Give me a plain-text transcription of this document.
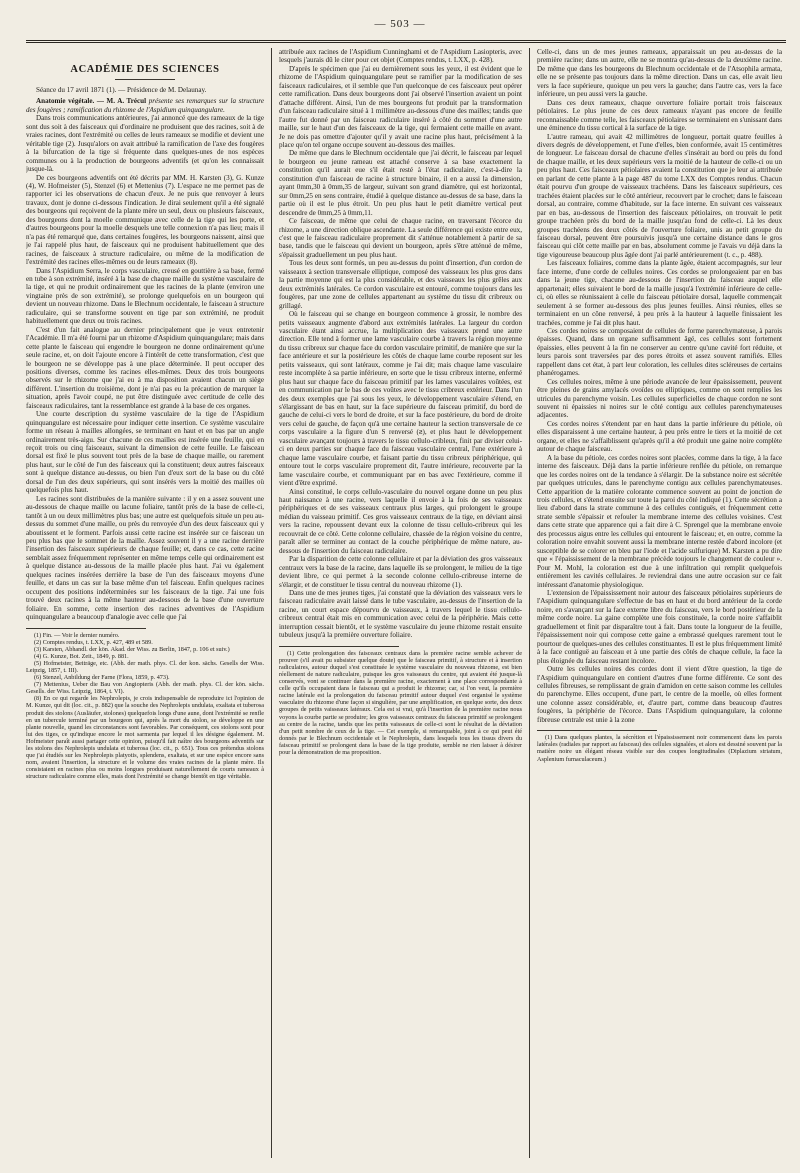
— 503 —
ACADÉMIE DES SCIENCES

Séance du 17 avril 1871 (1). — Présidence de M. Delaunay.

Anatomie végétale. — M. A. Trécul présente ses remarques sur la structure des fougères ; ramification du rhizome de l'Aspidium quinquangulare.

Dans trois communications antérieures, j'ai annoncé que des rameaux de la tige sont dus soit à des faisceaux qui d'ordinaire ne produisent que des racines, soit à de vraies racines, dont l'extrémité ou celles de leurs rameaux se modifie et devient une véritable tige (2). Jusqu'alors on avait attribué la ramification de l'axe des fougères à la bifurcation de la tige si fréquente dans quelques-unes de nos espèces communes ou à la production de bourgeons adventifs (et qu'on les connaissait jusque-là.

De ces bourgeons adventifs ont été décrits par MM. H. Karsten (3), G. Kunze (4), W. Hofmeister (5), Stenzel (6) et Mettenius (7). L'espace ne me permet pas de rapporter ici les observations de chacun d'eux. Je ne puis que renvoyer à leurs travaux, dont je donne ci-dessous l'indication. Je dirai seulement qu'il a été signalé des bourgeons qui reçoivent de la plante mère un seul, deux ou plusieurs faisceaux, des bourgeons dont la moelle communique avec celle de la tige qui les porte, et d'autres bourgeons pour la moelle desquels une telle connexion n'a pas lieu; mais il n'a pas été remarqué que, dans certaines fougères, les bourgeons naissent, ainsi que je l'ai rappelé plus haut, de faisceaux qui ne produisent habituellement que des racines, de faisceaux à structure radiculaire, ou même de la modification de l'extrémité des racines elles-mêmes ou de leurs rameaux (8).

Dans l'Aspidium Serra, le corps vasculaire, creusé en gouttière à sa base, fermé en tube à son extrémité, inséré à la base de chaque maille du système vasculaire de la tige, et qui ne produit ordinairement que les racines de la plante (environ une vingtaine près de son extrémité), se prolonge quelquefois en un bourgeon qui devient un nouveau rhizome. Dans le Blechnum occidentale, le faisceau à structure radiculaire, qui se transforme souvent en tige par son extrémité, ne produit habituellement que deux ou trois racines.

C'est d'un fait analogue au dernier principalement que je veux entretenir l'Académie. Il m'a été fourni par un rhizome d'Aspidium quinquangulare; mais dans cette plante le faisceau qui engendre le bourgeon ne donne ordinairement qu'une seule racine, et, on doit l'ajoute encore à l'intérêt de cette transformation, c'est que le bourgeon ne se développe pas à une place déterminée. Il peut occuper des positions diverses, comme les racines elles-mêmes. Deux des trois bourgeons observés sur le rhizome que j'ai eu à ma disposition avaient chacun un siège différent. L'insertion du troisième, dont je n'ai pas eu la précaution de marquer la situation, après l'avoir coupé, ne put être distinguée avec certitude de celle des faisceaux radiculaires, tant la ressemblance est grande à la base de ces organes.

Une courte description du système vasculaire de la tige de l'Aspidium quinquangulare est nécessaire pour indiquer cette insertion. Ce système vasculaire forme un réseau à mailles allongées, se terminant en haut et en bas par un angle ordinairement très-aigu. Sur chacune de ces mailles est insérée une feuille, qui en reçoit trois ou cinq faisceaux, suivant la dimension de cette feuille. Le faisceau dorsal est fixé le plus souvent tout près de la base de chaque maille, ou rarement plus haut, sur le côté de l'un des faisceaux qui la constituent; deux autres faisceaux sont à quelque distance au-dessus, ou bien l'un d'eux sort de la base ou du côté dorsal de l'un des deux supérieurs, qui sont insérés vers la moitié des mailles où quelquefois plus haut.

Les racines sont distribuées de la manière suivante : il y en a assez souvent une au-dessous de chaque maille ou lacune foliaire, tantôt près de la base de celle-ci, tantôt à un ou deux millimètres plus bas; une autre est quelquefois située un peu au-dessus du sommet d'une maille, ou près du renvoyée d'un des deux faisceaux qui y aboutissent et le forment. Parfois aussi cette racine est insérée sur ce faisceau un peu plus bas que le sommet de la maille. Assez souvent il y a une racine derrière l'insertion des faisceaux supérieurs de chaque feuille; et, dans ce cas, cette racine semblait assez fréquemment représenter en même temps celle qui ordinairement est à quelque distance au-dessous de la maille placée plus haut. J'ai vu également quelques racines insérées derrière la base de l'un des faisceaux moyens d'une feuille, et dans un cas sur la base même d'un tel faisceau. Enfin quelques racines occupent des positions indéterminées sur les faisceaux de la tige. J'ai une fois trouvé deux racines à la même hauteur au-dessous de la base d'une ouverture foliaire. En somme, cette insertion des racines adventives de l'Aspidium quinquangulare a beaucoup d'analogie avec celle que j'ai

(1) Fin. — Voir le dernier numéro.

(2) Comptes rendus, t. LXX, p. 427, 489 et 589.

(3) Karsten, Abhandl. der kön. Akad. der Wiss. zu Berlin, 1847, p. 106 et suiv.)

(4) G. Kunze, Bot. Zeit., 1849, p. 881.

(5) Hofmeister, Beiträge, etc. (Abh. der math. phys. Cl. der kon. sächs. Gesells der Wiss. Leipzig, 1857, t. III).

(6) Stenzel, Anbildung der Farne (Flora, 1859, p. 473).

(7) Mettenius, Ueber die Bau von Angiopteris (Abh. der math. phys. Cl. der kön. sächs. Gesells. der Wiss. Leipzig, 1864, t. VI).

(8) En ce qui regarde les Nephrolepis, je crois indispensable de reproduire ici l'opinion de M. Kunze, qui dit (loc. cit., p. 882) que la souche des Nephrolepis undulata, exaltata et tuberosa produit des stolons (Ausläufer, stolones) quelquefois longs d'une aune, dont l'extrémité se renfle en un tubercule terminé par un bourgeon qui, après la mort du stolon, se développe en une plante nouvelle, quand les circonstances sont favorables. Par conséquent, ces stolons sont pour lui des tiges, ce qu'indique encore le mot sarmenta par lequel il les désigne également. M. Hofmeister paraît aussi partager cette opinion, puisqu'il fait naître des bourgeons adventifs sur les stolons des Nephrolepis undulata et tuberosa (loc. cit., p. 651). Tous ces prétendus stolons que j'ai étudiés sur les Nephrolepis platyotis, splendens, exaltata, et sur une espèce encore sans nom, avaient l'insertion, la structure et le volume des vraies racines de la plante mère. Ils consistaient en racines plus ou moins longues produisant naturellement de courts rameaux à structure radiculaire comme elles, mais dont l'extrémité se change bientôt en tige véritable.

attribuée aux racines de l'Aspidium Cunninghami et de l'Aspidium Lasiopteris, avec lesquels j'aurais dû le citer pour cet objet (Comptes rendus, t. LXX, p. 428).

D'après le spécimen que j'ai eu dernièrement sous les yeux, il est évident que le rhizome de l'Aspidium quinquangulare peut se ramifier par la modification de ses faisceaux radiculaires, et il semble que l'un quelconque de ces faisceaux peut opérer cette ramification. Dans deux bourgeons dont j'ai observé l'insertion avaient un point d'attache différent. Ainsi, l'un de mes bourgeons fut produit par la transformation d'un faisceau radiculaire situé à 1 millimètre au-dessous d'une des mailles; tandis que l'autre fut donné par un faisceau radiculaire inséré à côté du sommet d'une autre maille, sur le haut d'un des faisceaux de la tige, qui fermaient cette maille en avant. Je ne dois pas omettre d'ajouter qu'il y avait une racine plus haut, précisément à la place qu'on tel organe occupe souvent au-dessous des mailles.

De même que dans le Blechnum occidentale que j'ai décrit, le faisceau par lequel le bourgeon eu jeune rameau est attaché conserve à sa base exactement la constitution qu'il aurait eue s'il était resté à l'état radiculaire, c'est-à-dire la constitution d'un faisceau de racine à structure binaire, il en a aussi la dimension, ayant 0mm,30 à 0mm,35 de largeur, suivant son grand diamètre, qui est horizontal, sur 0mm,25 en sens contraire, étudié à quelque distance au-dessus de sa base, dans la partie où il est le plus étroit. Un peu plus haut le petit diamètre vertical peut descendre de 0mm,25 à 0mm,11.

Ce faisceau, de même que celui de chaque racine, en traversant l'écorce du rhizome, a une direction oblique ascendante. La seule différence qui existe entre eux, c'est que le faisceau radiculaire proprement dit s'atténue notablement à partir de sa base, tandis que le faisceau qui devient un bourgeon, après s'être atténué de même, s'épaissit graduellement un peu plus haut.

Tous les deux sont formés, un peu au-dessus du point d'insertion, d'un cordon de vaisseaux à section transversale elliptique, composé des vaisseaux les plus gros dans la partie moyenne qui est la plus considérable, et des vaisseaux les plus grêles aux deux extrémités latérales. Ce cordon vasculaire est entouré, comme toujours dans les fougères, par une zone de cellules appartenant au système du tissu dit cribreux ou grillagé.

Où le faisceau qui se change en bourgeon commence à grossir, le nombre des petits vaisseaux augmente d'abord aux extrémités latérales. La largeur du cordon vasculaire étant ainsi accrue, la multiplication des vaisseaux prend une autre direction. Elle tend à former une lame vasculaire courbe à travers la région moyenne du tissu cribreux sur chaque face du cordon vasculaire primitif, de manière que sur la face antérieure et sur la postérieure les côtés de chaque lame courbe reposent sur les petits vaisseaux, qui sont latéraux, comme je l'ai dit; mais chaque lame vasculaire reste incomplète à sa partie inférieure, en sorte que le tissu cribreux interne, enfermé plus haut sur chaque face du faisceau primitif par les lames vasculaires voûtées, est en communication par le bas de ces voûtes avec le tissu cribreux extérieur. Dans l'un des deux exemples que j'ai sous les yeux, le développement vasculaire s'étend, en s'élargissant de bas en haut, sur la face supérieure du faisceau primitif, du bord de gauche de celui-ci vers le bord de droite, et sur la face postérieure, du bord de droite vers celui de gauche, de façon qu'à une certaine hauteur la section transversale de ce corps vasculaire a la figure d'un S renversé (ꙅ), et plus haut le développement vasculaire avançant toujours à travers le tissu cellulo-cribleux, finit par diviser celui-ci en deux parties sur chaque face du faisceau vasculaire central, l'une extérieure à chaque lame vasculaire courbe, et faisant partie du tissu cribreux périphérique, qui entoure tout le corps vasculaire proprement dit, l'autre intérieure, recouverte par la lame vasculaire courbe, et communiquant par en bas avec l'extérieure, comme il vient d'être exprimé.

Ainsi constitué, le corps cellulo-vasculaire du nouvel organe donne un peu plus haut naissance à une racine, vers laquelle il envoie à la fois de ses vaisseaux périphériques et de ses vaisseaux centraux plus larges, qui prolongent le groupe médian du vaisseau primitif. Ces gros vaisseaux centraux de la tige, en déviant ainsi vers la racine, repoussent devant eux la colonne de tissu cellulo-cribreux qui les recouvrait de ce côté. Cette colonne cellulaire, chassée de la région voisine du centre, paraît aller se terminer au contact de la couche périphérique de même nature, au-dessous de l'insertion du faisceau radiculaire.

Par la disparition de cette colonne cellulaire et par la déviation des gros vaisseaux centraux vers la base de la racine, dans laquelle ils se prolongent, le milieu de la tige devient libre, ce qui permet à la seconde colonne cellulo-cribreuse interne de s'élargir, et de constituer le tissu central du nouveau rhizome (1).

Dans une de mes jeunes tiges, j'ai constaté que la déviation des vaisseaux vers le faisceau radiculaire avait laissé dans le tube vasculaire, au-dessus de l'insertion de la racine, un court espace dépourvu de vaisseaux, à travers lequel le tissu cellulo-cribreux central était mis en communication avec celui de la périphérie. Mais cette interruption cessait bientôt, et le système vasculaire du jeune rhizome restait ensuite tubuleux jusqu'à la première ouverture foliaire.

(1) Cette prolongation des faisceaux centraux dans la première racine semble achever de prouver (s'il avait pu subsister quelque doute) que le faisceau primitif, à structure et à insertion radiculaires, autour duquel s'est constituée le système vasculaire du nouveau rhizome, est bien réellement de nature radiculaire, puisque les gros vaisseaux du centre, qui avaient été jusque-là conservés, vont se continuer dans la première racine, exactement à une place correspondante à celle qu'ils occupaient dans le faisceau qui a produit le rhizome; car, si l'on veut, la première racine latérale est la prolongation du faisceau primitif autour duquel s'est organisé le système vasculaire du rhizome d'une façon si singulière, par une amplification, en quelque sorte, des deux groupes de petits vaisseaux latéraux. Cela est si vrai, qu'à l'insertion de la première racine nous voyons la courbe partie se produire; les gros vaisseaux centraux du faisceau primitif se prolongent au centre de la racine, tandis que les petits vaisseaux de celle-ci sont le résultat de la déviation d'un petit nombre de ceux de la tige. — Cet exemple, si remarquable, joint à ce qui peut été donnés par le Blechnum occidentale et le Nephrolepis, dans lesquels tous les tissus divers du faisceau primitif se prolongent dans la base de la tige produite, semble ne rien laisser à désirer pour la démonstration de ma proposition.

Celle-ci, dans un de mes jeunes rameaux, apparaissait un peu au-dessus de la première racine; dans un autre, elle ne se montra qu'au-dessus de la deuxième racine. De même que dans les bourgeons du Blechnum occidentale et de l'Atsophila armata, elle ne se présente pas toujours dans la même direction. Dans un cas, elle avait lieu vers la face supérieure, quoique un peu vers la gauche; dans l'autre cas, vers la face inférieure, un peu aussi vers la gauche.

Dans ces deux rameaux, chaque ouverture foliaire portait trois faisceaux pétiolaires. Le plus jeune de ces deux rameaux n'ayant pas encore de feuille reconnaissable comme telle, les faisceaux pétiolaires se terminaient en s'unissant dans une éminence du tissu cortical à la surface de la tige.

L'autre rameau, qui avait 42 millimètres de longueur, portait quatre feuilles à divers degrés de développement, et l'une d'elles, bien conformée, avait 15 centimètres de longueur. Le faisceau dorsal de chacune d'elles s'insérait au bord ou près du fond de chaque maille, et les deux supérieurs vers la moitié de la hauteur de celle-ci ou un peu plus haut. Ces faisceaux pétiolaires avaient la constitution que je leur ai attribuée en parlant de cette plante à la page 487 du tome LXX des Comptes rendus. Chacun était pourvu d'un groupe de vaisseaux trachéens. Dans les faisceaux supérieurs, ces trachées étaient placées sur le côté antérieur, recouvert par le crochet; dans le faisceau dorsal, au contraire, comme d'habitude, sur la face interne. En suivant ces vaisseaux par en bas, au-dessous de l'insertion des faisceaux pétiolaires, on trouvait le petit groupe trachéen près du bord de la maille jusqu'au fond de celle-ci. Là les deux groupes trachéens des deux côtés de l'ouverture foliaire, unis au petit groupe du faisceau dorsal, peuvent être poursuivis jusqu'à une certaine distance dans le gros faisceau qui clôt cette maille par en bas, absolument comme je l'avais vu déjà dans la tige vigoureuse beaucoup plus âgée dont j'ai parlé antérieurement (t. c., p. 488).

Les faisceaux foliaires, comme dans la plante âgée, étaient accompagnés, sur leur face interne, d'une corde de cellules noires. Ces cordes se prolongeaient par en bas dans la jeune tige, chacune au-dessous de l'insertion du faisceau auquel elle appartenait; elles suivaient le bord de la maille jusqu'à l'extrémité inférieure de celle-ci, où elles se réunissaient à celle du faisceau pétiolaire dorsal, laquelle commençait seulement à se former au-dessous des plus jeunes feuilles. Ainsi réunies, elles se terminaient en un cône renversé, à peu près à la hauteur à laquelle finissaient les trachées, comme je l'ai dit plus haut.

Ces cordes noires se composaient de cellules de forme parenchymateuse, à parois épaisses. Quand, dans un organe suffisamment âgé, ces cellules sont fortement épaissies, elles peuvent à la fin ne conserver au centre qu'une cavité fort réduite, et leurs parois sont traversées par des pores étroits et assez souvent ramifiés. Elles rappellent dans cet état, à part leur coloration, les cellules dites scléreuses de certains phanérogames.

Ces cellules noires, même à une période avancée de leur épaississement, peuvent être pleines de grains amylacés ovoïdes ou elliptiques, comme on sont remplies les utricules du parenchyme voisin. Les cellules superficielles de chaque cordon ne sont souvent ni épaissies ni noires sur le côté contigu aux cellules parenchymateuses adjacentes.

Ces cordes noires s'étendent par en haut dans la partie inférieure du pétiole, où elles disparaissent à une certaine hauteur, à peu près entre le tiers et la moitié de cet organe, et elles ne s'affaiblissent qu'après qu'il a été produit une gaine noire complète autour de chaque faisceau.

A la base du pétiole, ces cordes noires sont placées, comme dans la tige, à la face interne des faisceaux. Déjà dans la partie inférieure renflée du pétiole, on remarque que les cordes noires ont de la tendance à s'élargir. De la substance noire est sécrétée par quelques utricules, dans le parenchyme contigu aux cellules parenchymateuses. Cette apparition de la matière colorante commence souvent au point de jonction de trois cellules, et s'étend ensuite sur toute la paroi du côté indiqué (1). Cette sécrétion a lieu d'abord dans la strate commune à des cellules contiguës, et fréquemment cette strate semble s'épaissir et refouler la membrane interne des cellules voisines. C'est dans cette strate que apparence qui a fait dire à C. Sprengel que la membrane envoie des processus aigus entre les cellules qui entourent le faisceau; et, en outre, comme la coloration noire envahit souvent aussi la membrane interne restée d'abord incolore (et susceptible de se colorer en bleu par l'iode et l'acide sulfurique) M. Karsten a pu dire que « l'épaississement de la membrane précède toujours le changement de couleur ». Pour M. Mohl, la coloration est due à une infiltration qui remplit quelquefois entièrement les cavités cellulaires. Je reviendrai dans une autre occasion sur ce fait intéressant d'anatomie physiologique.

L'extension de l'épaississement noir autour des faisceaux pétiolaires supérieurs de l'Aspidium quinquangulare s'effectue de bas en haut et du bord antérieur de la corde noire, en s'avançant sur la face externe libre du faisceau, vers le bord postérieur de la même corde noire. La gaine complète une fois constituée, la corde noire s'affaiblit graduellement et finit par disparaître tout à fait. Dans toute la longueur de la feuille, l'épaississement noir qui compose cette gaine a embrassé quelques rarement tout le pourtour de quelques-unes des cellules constituantes. Il est le plus fréquemment limité à la face contiguë au faisceau et à une partie des côtés de chaque cellule, la face la plus éloignée du faisceau restant incolore.

Outre les cellules noires des cordes dont il vient d'être question, la tige de l'Aspidium quinquangulare en contient d'autres d'une forme différente. Ce sont des cellules fibreuses, se remplissant de grain d'amidon en cette saison comme les cellules du parenchyme. Elles occupent, d'une part, le centre de la moelle, où elles forment une colonne assez considérable, et, d'autre part, comme dans beaucoup d'autres fougères, la périphérie de l'écorce. Dans l'Aspidium quinquangulare, la colonne fibreuse centrale est unie à la zone

(1) Dans quelques plantes, la sécrétion et l'épaississement noir commencent dans les parois latérales (radiales par rapport au faisceau) des cellules signalées, et alors est dessiné souvent par la matière noire un élégant réseau visible sur des coupes longitudinales (Diplazium striatum, Asplenium furnaculaceum.)
